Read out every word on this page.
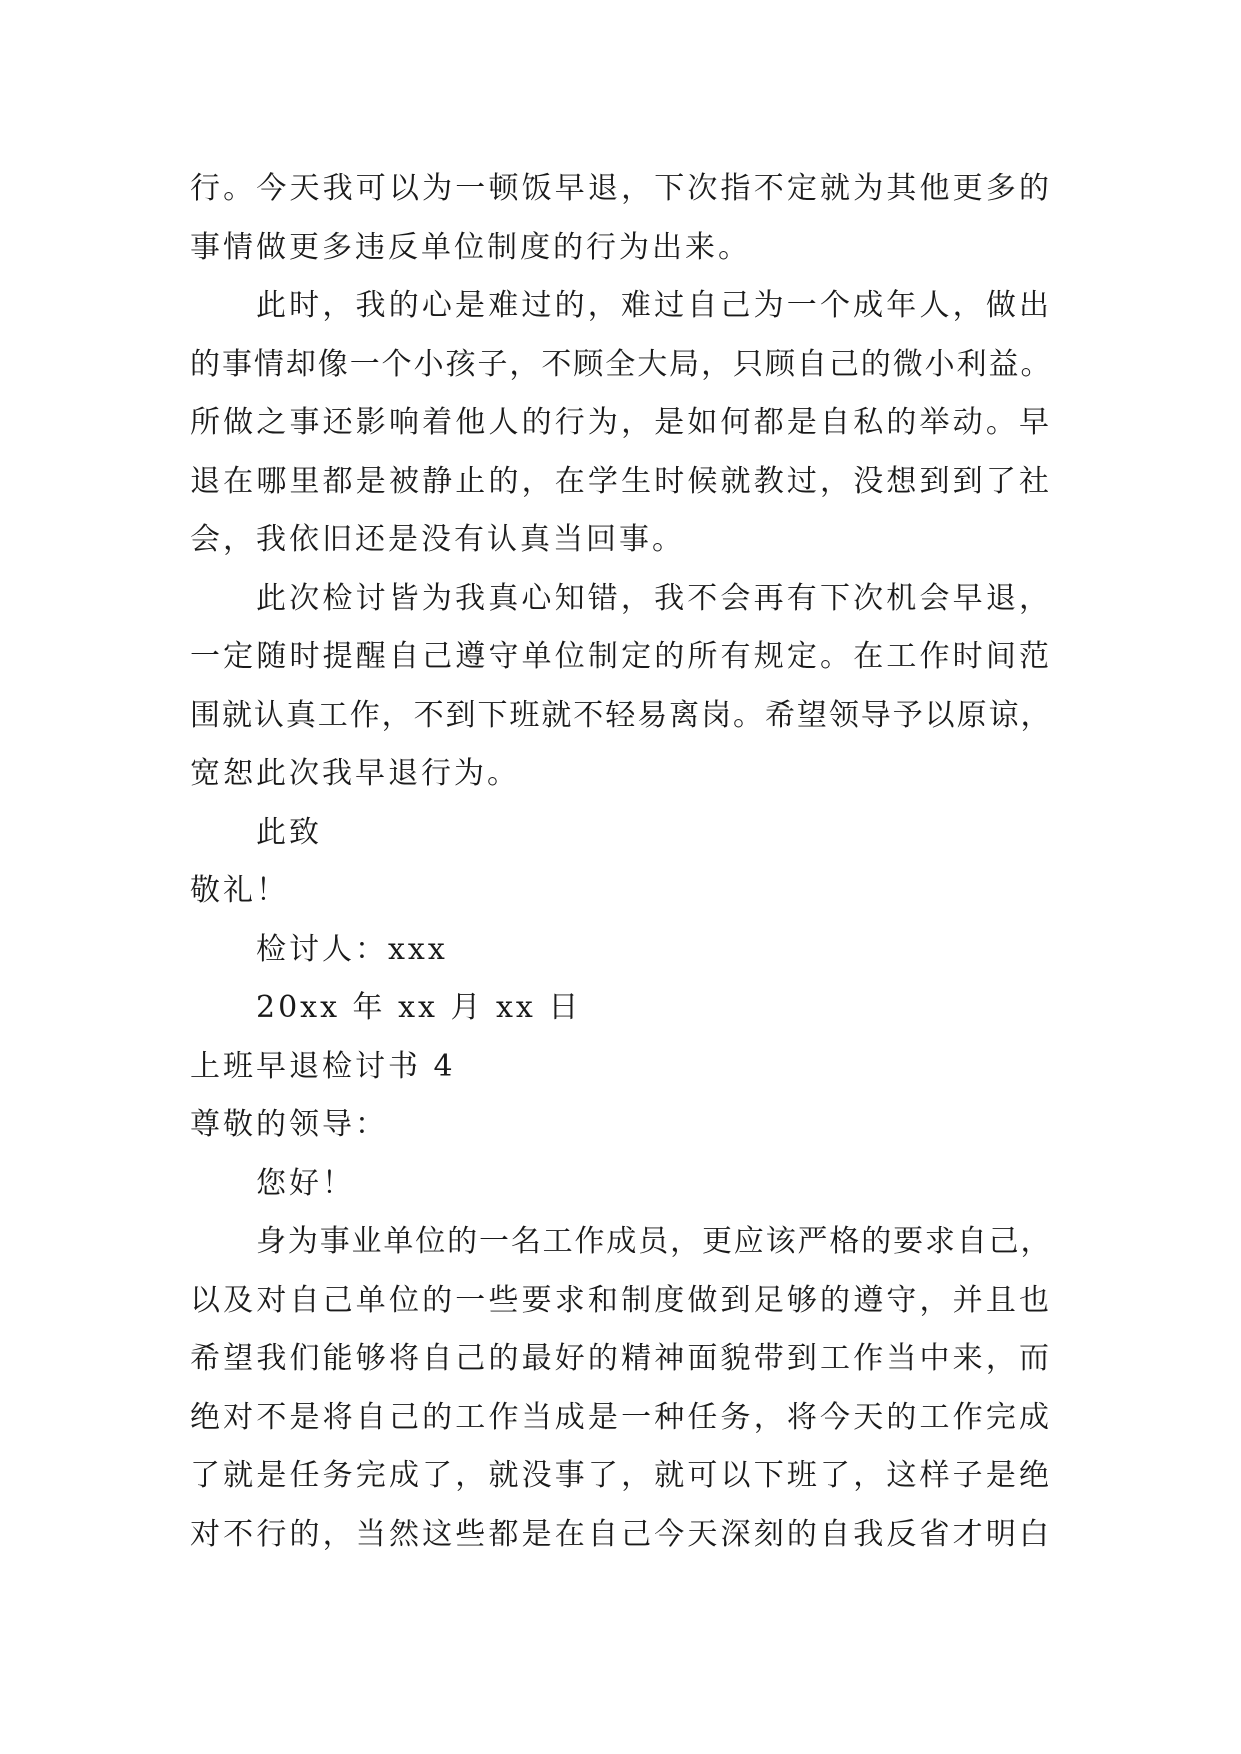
行。今天我可以为一顿饭早退，下次指不定就为其他更多的
事情做更多违反单位制度的行为出来。
此时，我的心是难过的，难过自己为一个成年人，做出
的事情却像一个小孩子，不顾全大局，只顾自己的微小利益。
所做之事还影响着他人的行为，是如何都是自私的举动。早
退在哪里都是被静止的，在学生时候就教过，没想到到了社
会，我依旧还是没有认真当回事。
此次检讨皆为我真心知错，我不会再有下次机会早退，
一定随时提醒自己遵守单位制定的所有规定。在工作时间范
围就认真工作，不到下班就不轻易离岗。希望领导予以原谅，
宽恕此次我早退行为。
此致
敬礼！
检讨人：xxx
20xx 年 xx 月 xx 日
上班早退检讨书 4
尊敬的领导：
您好！
身为事业单位的一名工作成员，更应该严格的要求自己，
以及对自己单位的一些要求和制度做到足够的遵守，并且也
希望我们能够将自己的最好的精神面貌带到工作当中来，而
绝对不是将自己的工作当成是一种任务，将今天的工作完成
了就是任务完成了，就没事了，就可以下班了，这样子是绝
对不行的，当然这些都是在自己今天深刻的自我反省才明白
